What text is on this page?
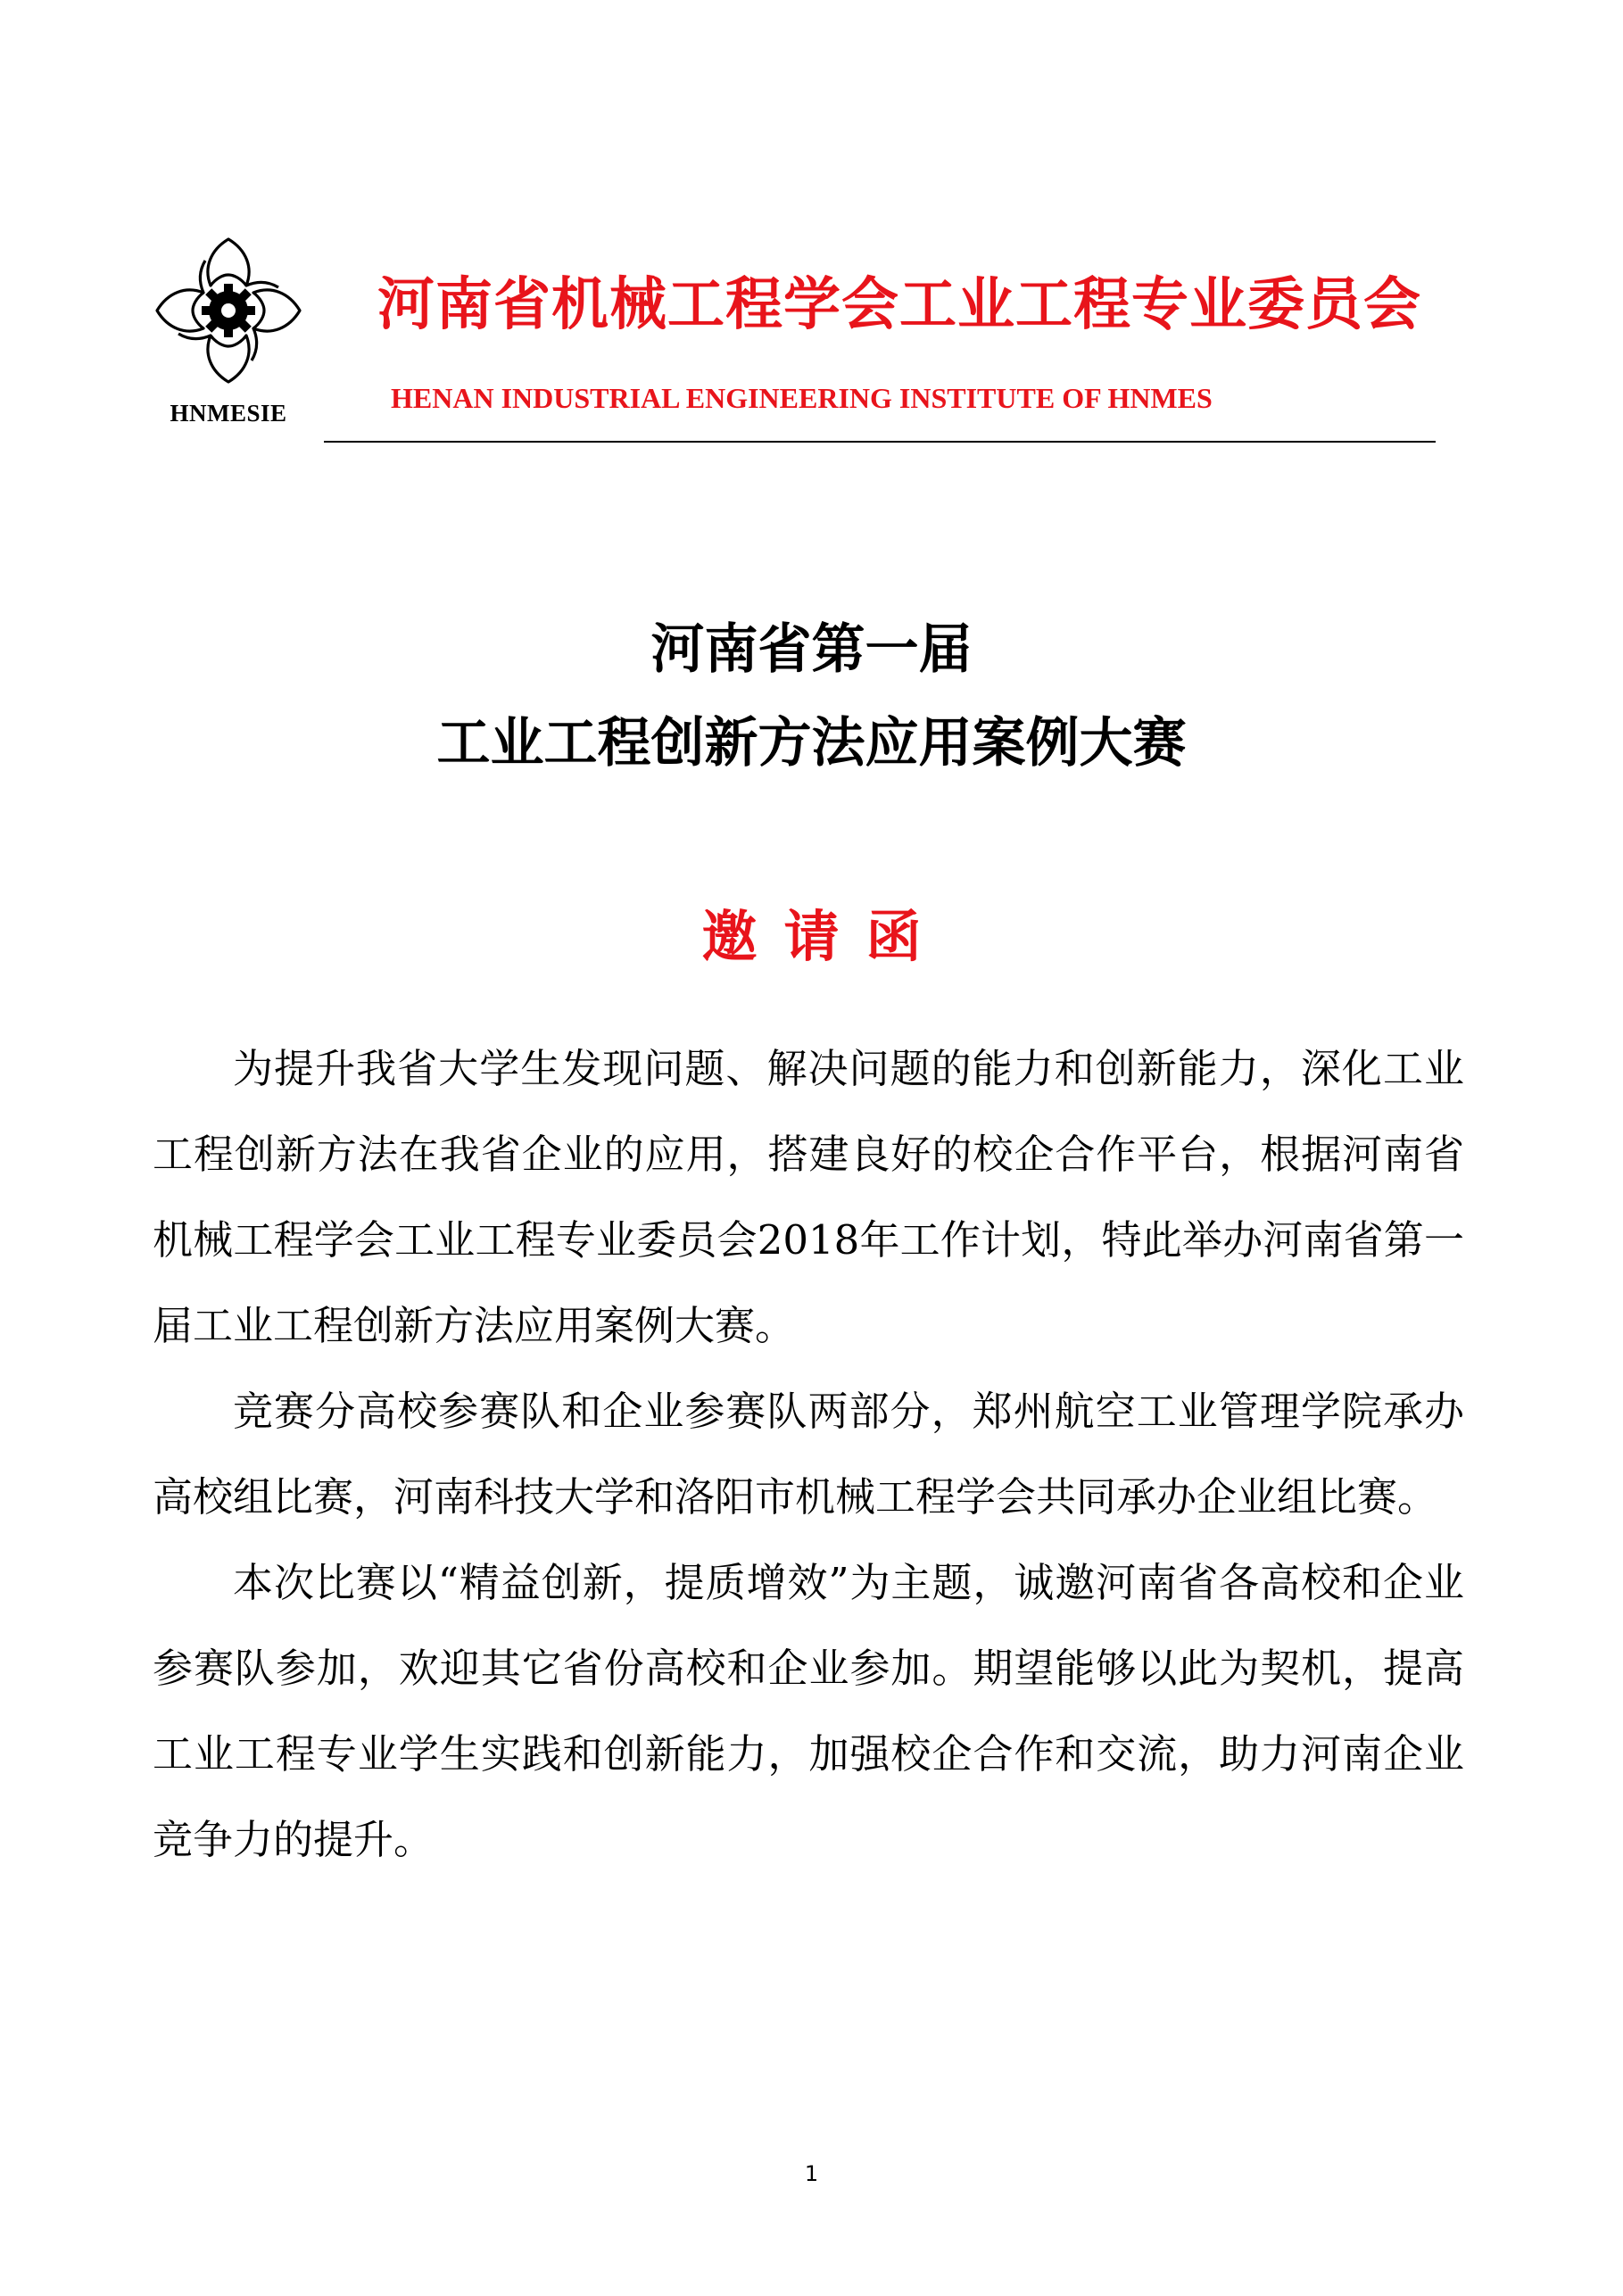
HNMESIE
河南省机械工程学会工业工程专业委员会
HENAN INDUSTRIAL ENGINEERING INSTITUTE OF HNMES
河南省第一届
工业工程创新方法应用案例大赛
邀请函

为提升我省大学生发现问题、解决问题的能力和创新能力，深化工业工程创新方法在我省企业的应用，搭建良好的校企合作平台，根据河南省机械工程学会工业工程专业委员会2018年工作计划，特此举办河南省第一届工业工程创新方法应用案例大赛。

竞赛分高校参赛队和企业参赛队两部分，郑州航空工业管理学院承办高校组比赛，河南科技大学和洛阳市机械工程学会共同承办企业组比赛。

本次比赛以“精益创新，提质增效”为主题，诚邀河南省各高校和企业参赛队参加，欢迎其它省份高校和企业参加。期望能够以此为契机，提高工业工程专业学生实践和创新能力，加强校企合作和交流，助力河南企业竞争力的提升。

1
